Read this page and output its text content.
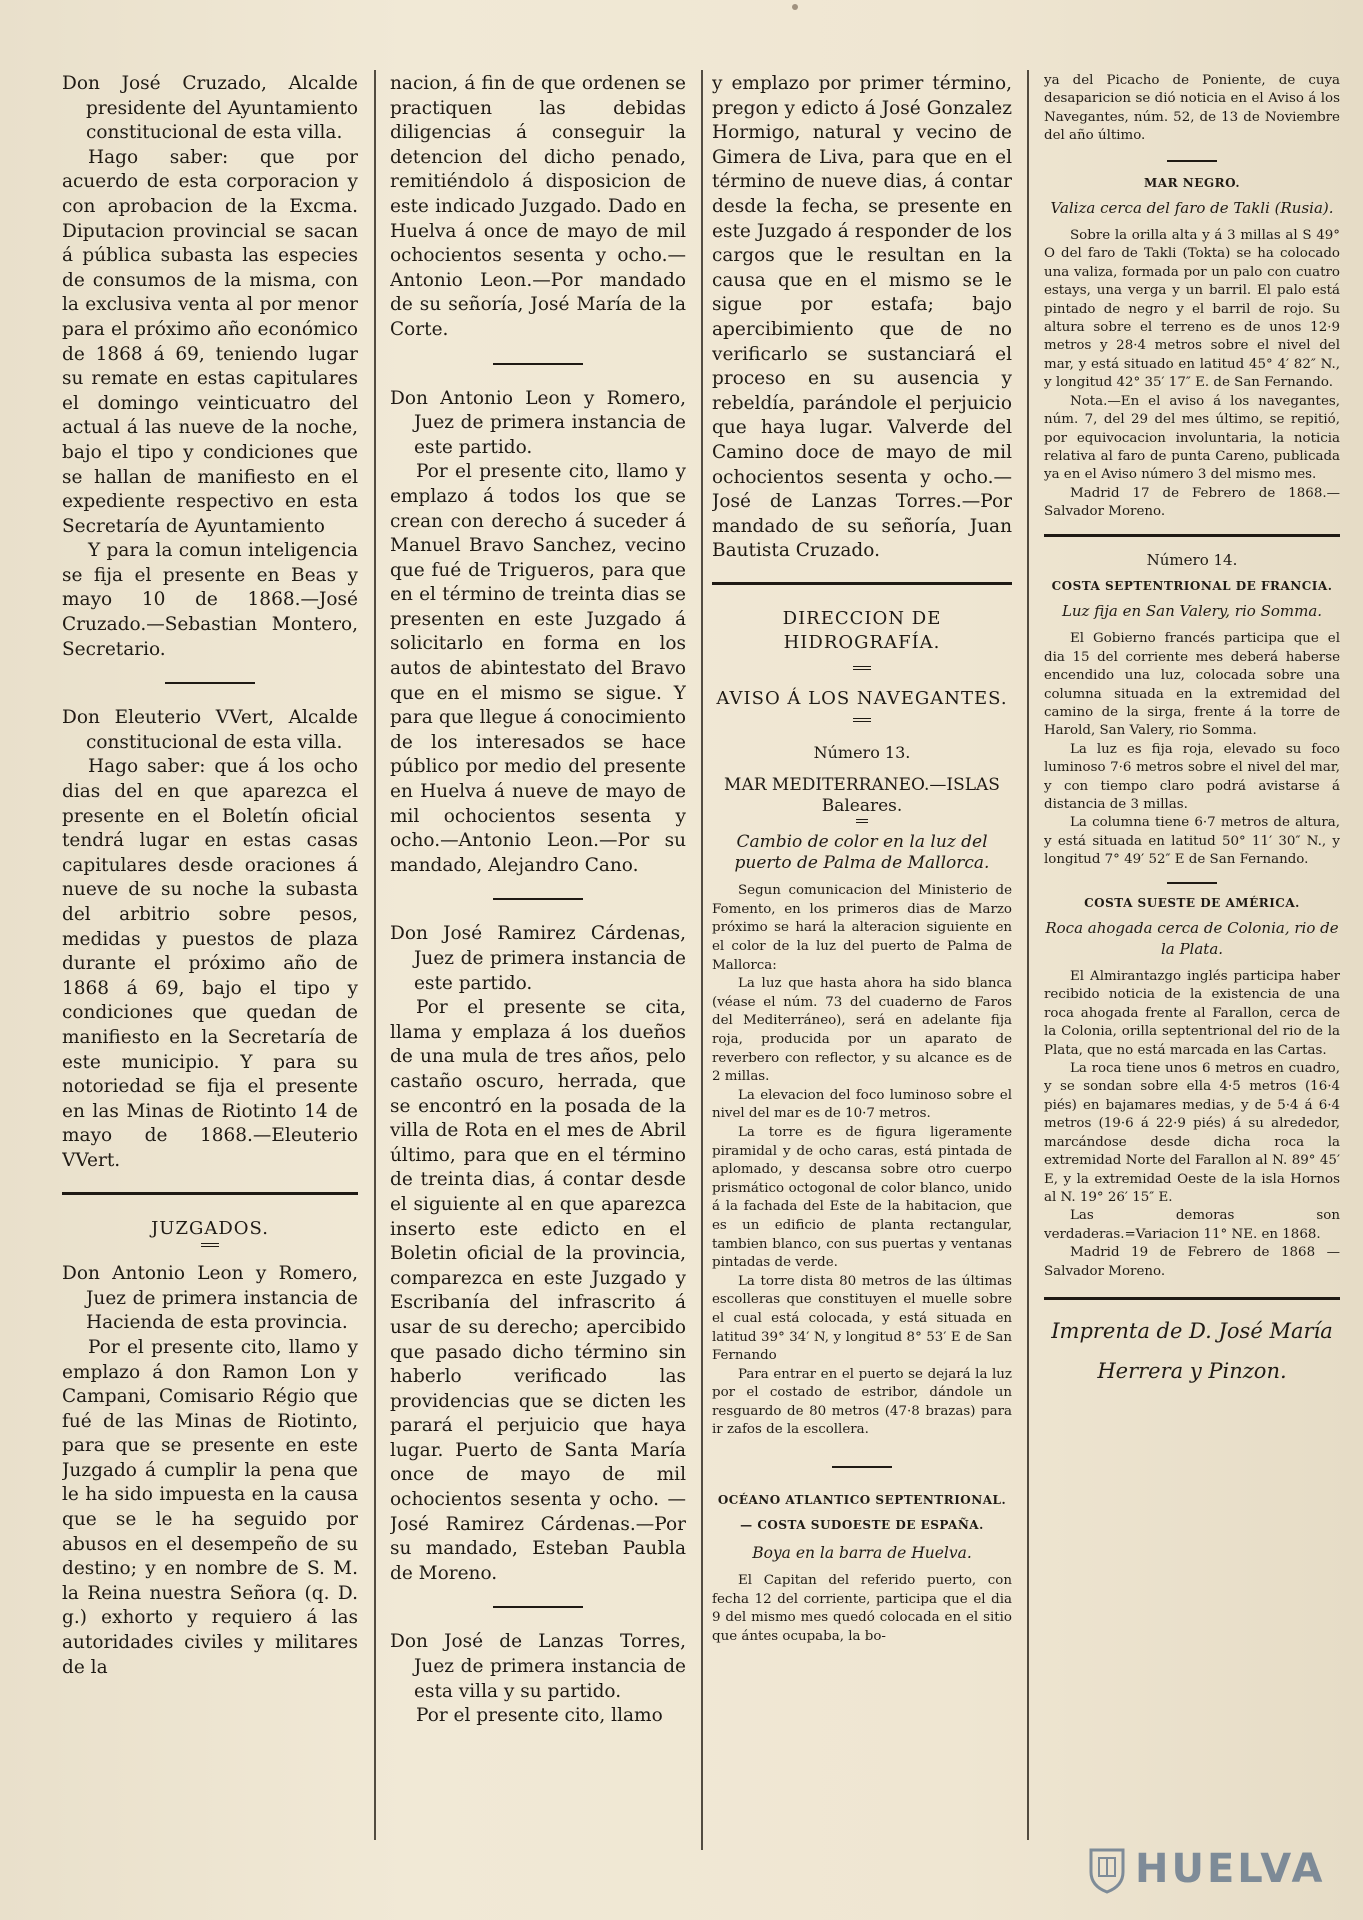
Don José Cruzado, Alcalde presidente del Ayuntamiento constitucional de esta villa.

Hago saber: que por acuerdo de esta corporacion y con aprobacion de la Excma. Diputacion provincial se sacan á pública subasta las especies de consumos de la misma, con la exclusiva venta al por menor para el próximo año económico de 1868 á 69, teniendo lugar su remate en estas capitulares el domingo veinticuatro del actual á las nueve de la noche, bajo el tipo y condiciones que se hallan de manifiesto en el expediente respectivo en esta Secretaría de Ayuntamiento

Y para la comun inteligencia se fija el presente en Beas y mayo 10 de 1868.—José Cruzado.—Sebastian Montero, Secretario.

Don Eleuterio VVert, Alcalde constitucional de esta villa.

Hago saber: que á los ocho dias del en que aparezca el presente en el Boletín oficial tendrá lugar en estas casas capitulares desde oraciones á nueve de su noche la subasta del arbitrio sobre pesos, medidas y puestos de plaza durante el próximo año de 1868 á 69, bajo el tipo y condiciones que quedan de manifiesto en la Secretaría de este municipio. Y para su notoriedad se fija el presente en las Minas de Riotinto 14 de mayo de 1868.—Eleuterio VVert.

JUZGADOS.

Don Antonio Leon y Romero, Juez de primera instancia de Hacienda de esta provincia.

Por el presente cito, llamo y emplazo á don Ramon Lon y Campani, Comisario Régio que fué de las Minas de Riotinto, para que se presente en este Juzgado á cumplir la pena que le ha sido impuesta en la causa que se le ha seguido por abusos en el desempeño de su destino; y en nombre de S. M. la Reina nuestra Señora (q. D. g.) exhorto y requiero á las autoridades civiles y militares de la

nacion, á fin de que ordenen se practiquen las debidas diligencias á conseguir la detencion del dicho penado, remitiéndolo á disposicion de este indicado Juzgado. Dado en Huelva á once de mayo de mil ochocientos sesenta y ocho.—Antonio Leon.—Por mandado de su señoría, José María de la Corte.

Don Antonio Leon y Romero, Juez de primera instancia de este partido.

Por el presente cito, llamo y emplazo á todos los que se crean con derecho á suceder á Manuel Bravo Sanchez, vecino que fué de Trigueros, para que en el término de treinta dias se presenten en este Juzgado á solicitarlo en forma en los autos de abintestato del Bravo que en el mismo se sigue. Y para que llegue á conocimiento de los interesados se hace público por medio del presente en Huelva á nueve de mayo de mil ochocientos sesenta y ocho.—Antonio Leon.—Por su mandado, Alejandro Cano.

Don José Ramirez Cárdenas, Juez de primera instancia de este partido.

Por el presente se cita, llama y emplaza á los dueños de una mula de tres años, pelo castaño oscuro, herrada, que se encontró en la posada de la villa de Rota en el mes de Abril último, para que en el término de treinta dias, á contar desde el siguiente al en que aparezca inserto este edicto en el Boletin oficial de la provincia, comparezca en este Juzgado y Escribanía del infrascrito á usar de su derecho; apercibido que pasado dicho término sin haberlo verificado las providencias que se dicten les parará el perjuicio que haya lugar. Puerto de Santa María once de mayo de mil ochocientos sesenta y ocho. —José Ramirez Cárdenas.—Por su mandado, Esteban Paubla de Moreno.

Don José de Lanzas Torres, Juez de primera instancia de esta villa y su partido.

Por el presente cito, llamo

y emplazo por primer término, pregon y edicto á José Gonzalez Hormigo, natural y vecino de Gimera de Liva, para que en el término de nueve dias, á contar desde la fecha, se presente en este Juzgado á responder de los cargos que le resultan en la causa que en el mismo se le sigue por estafa; bajo apercibimiento que de no verificarlo se sustanciará el proceso en su ausencia y rebeldía, parándole el perjuicio que haya lugar. Valverde del Camino doce de mayo de mil ochocientos sesenta y ocho.—José de Lanzas Torres.—Por mandado de su señoría, Juan Bautista Cruzado.

DIRECCION DE HIDROGRAFÍA.

AVISO Á LOS NAVEGANTES.

Número 13.

MAR MEDITERRANEO.—ISLAS Baleares.

Cambio de color en la luz del puerto de Palma de Mallorca.

Segun comunicacion del Ministerio de Fomento, en los primeros dias de Marzo próximo se hará la alteracion siguiente en el color de la luz del puerto de Palma de Mallorca:

La luz que hasta ahora ha sido blanca (véase el núm. 73 del cuaderno de Faros del Mediterráneo), será en adelante fija roja, producida por un aparato de reverbero con reflector, y su alcance es de 2 millas.

La elevacion del foco luminoso sobre el nivel del mar es de 10·7 metros.

La torre es de figura ligeramente piramidal y de ocho caras, está pintada de aplomado, y descansa sobre otro cuerpo prismático octogonal de color blanco, unido á la fachada del Este de la habitacion, que es un edificio de planta rectangular, tambien blanco, con sus puertas y ventanas pintadas de verde.

La torre dista 80 metros de las últimas escolleras que constituyen el muelle sobre el cual está colocada, y está situada en latitud 39° 34′ N, y longitud 8° 53′ E de San Fernando

Para entrar en el puerto se dejará la luz por el costado de estribor, dándole un resguardo de 80 metros (47·8 brazas) para ir zafos de la escollera.

OCÉANO ATLANTICO SEPTENTRIONAL.— COSTA SUDOESTE DE ESPAÑA.

Boya en la barra de Huelva.

El Capitan del referido puerto, con fecha 12 del corriente, participa que el dia 9 del mismo mes quedó colocada en el sitio que ántes ocupaba, la bo-

ya del Picacho de Poniente, de cuya desaparicion se dió noticia en el Aviso á los Navegantes, núm. 52, de 13 de Noviembre del año último.

MAR NEGRO.

Valiza cerca del faro de Takli (Rusia).

Sobre la orilla alta y á 3 millas al S 49° O del faro de Takli (Tokta) se ha colocado una valiza, formada por un palo con cuatro estays, una verga y un barril. El palo está pintado de negro y el barril de rojo. Su altura sobre el terreno es de unos 12·9 metros y 28·4 metros sobre el nivel del mar, y está situado en latitud 45° 4′ 82″ N., y longitud 42° 35′ 17″ E. de San Fernando.

Nota.—En el aviso á los navegantes, núm. 7, del 29 del mes último, se repitió, por equivocacion involuntaria, la noticia relativa al faro de punta Careno, publicada ya en el Aviso número 3 del mismo mes.

Madrid 17 de Febrero de 1868.—Salvador Moreno.

Número 14.

COSTA SEPTENTRIONAL DE FRANCIA.

Luz fija en San Valery, rio Somma.

El Gobierno francés participa que el dia 15 del corriente mes deberá haberse encendido una luz, colocada sobre una columna situada en la extremidad del camino de la sirga, frente á la torre de Harold, San Valery, rio Somma.

La luz es fija roja, elevado su foco luminoso 7·6 metros sobre el nivel del mar, y con tiempo claro podrá avistarse á distancia de 3 millas.

La columna tiene 6·7 metros de altura, y está situada en latitud 50° 11′ 30″ N., y longitud 7° 49′ 52″ E de San Fernando.

COSTA SUESTE DE AMÉRICA.

Roca ahogada cerca de Colonia, rio de la Plata.

El Almirantazgo inglés participa haber recibido noticia de la existencia de una roca ahogada frente al Farallon, cerca de la Colonia, orilla septentrional del rio de la Plata, que no está marcada en las Cartas.

La roca tiene unos 6 metros en cuadro, y se sondan sobre ella 4·5 metros (16·4 piés) en bajamares medias, y de 5·4 á 6·4 metros (19·6 á 22·9 piés) á su alrededor, marcándose desde dicha roca la extremidad Norte del Farallon al N. 89° 45′ E, y la extremidad Oeste de la isla Hornos al N. 19° 26′ 15″ E.

Las demoras son verdaderas.=Variacion 11° NE. en 1868.

Madrid 19 de Febrero de 1868 — Salvador Moreno.

Imprenta de D. José María

Herrera y Pinzon.

HUELVA
